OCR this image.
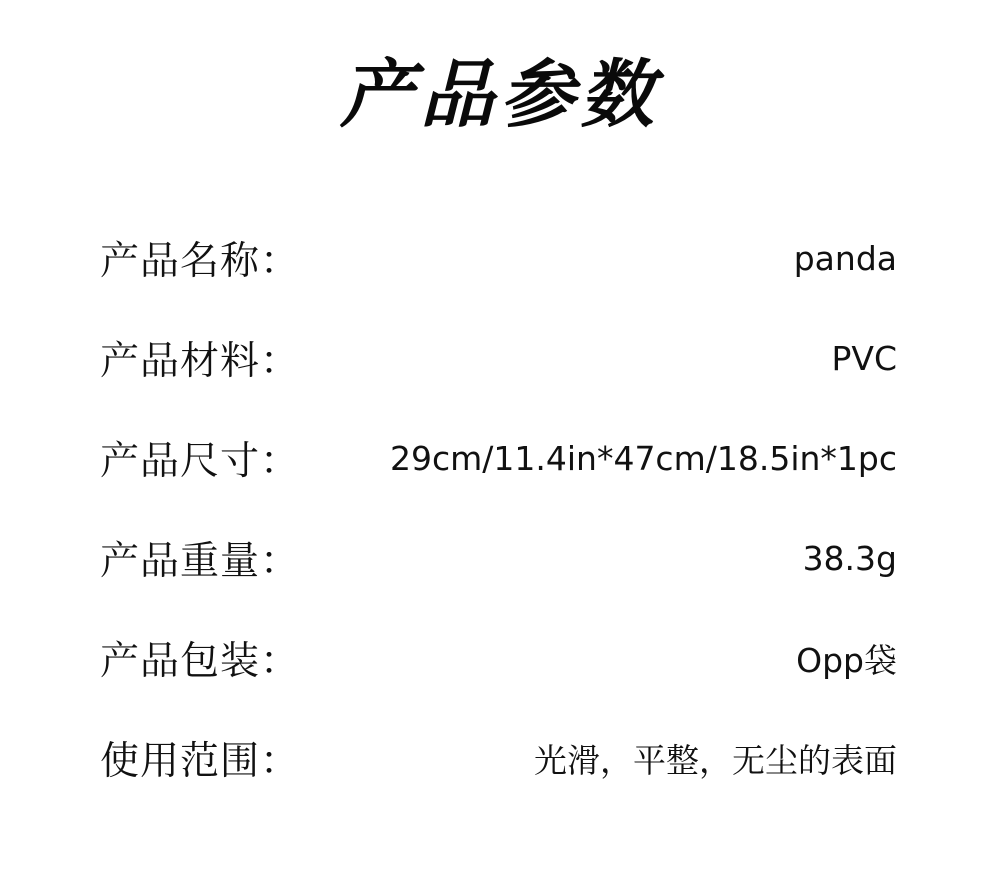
产品参数
产品名称：	panda
产品材料：	PVC
产品尺寸：	29cm/11.4in*47cm/18.5in*1pc
产品重量：	38.3g
产品包装：	Opp袋
使用范围：	光滑，平整，无尘的表面
